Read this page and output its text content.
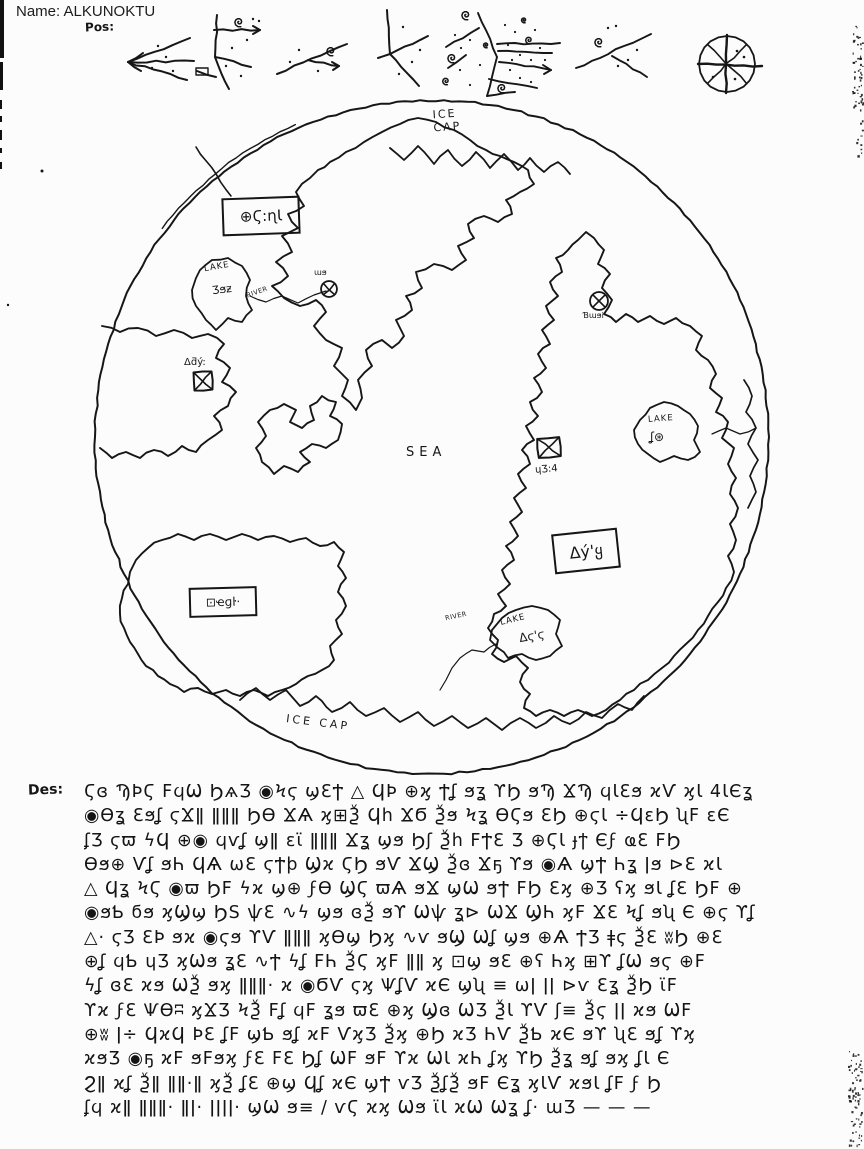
Name: ALKUNOKTU
Pos:
ICE CAP
SEA
ICE CAP
⊕Ϛ:ɳƖ
Δý'ყ
⊡ҽɡŀ·
LAKE
Ʒϧƶ
LAKE
ʆ⊛
LAKE
Δϛ'ϛ
ɯϧ
Δƌý:
Ɓɯϧi
ɥƷ:4
RIVER
RIVER
Des: Ϛɞ ϠϷϚ ϜϥѠ ϦѧƷ ◉Ϟϛ ϣԐϮ △ ϤϷ ⊕ϗ Ϯʆ ϧʓ ϒϦ ϧϠ ϪϠ ϥƖԐϧ ϰѴ ϗƖ 4ƖЄʓ
◉Ѳʓ Ԑϧʆ ϛϪǁ ǁǁǁ ϦѲ ϪѦ ϗ⊞Ѯ Ϥһ ϪϬ Ѯϧ Ϟʓ ѲϚϧ ԐϦ ⊕ϛƖ ÷ϤԑϦ ʯϜ ԑЄ
ʆƷ ϛϖ ϟϤ ⊕◉ ϥѵʆ ϣǁ ԑϊ ǁǁǁ Ϫʓ ϣϧ Ϧʃ Ѯһ ϜϮԐ Ʒ ⊕ϚƖ ɟϯ Єϝ ҩԐ ϜϦ
Ѳϧ⊕ Ѵʆ ϧҺ ϤѦ ѡԐ ϛϮϸ Ϣϰ ϚϦ ϧѴ ϪϢ Ѯɞ Ϫҕ ϒϧ ◉Ѧ ϣϮ Һʓ ǀϧ ⊳Ԑ ϰƖ
△ Ϥʓ ϞϚ ◉ϖ ϦϜ ϟϰ ϣ⊕ ϝѲ ϢϚ ϖѦ ϧϪ ϣѠ ϧϮ ϜϦ Ԑϗ ⊕Ʒ ʕϗ ϧƖ ʆԐ ϦϜ ⊕
◉ϧƄ ϭϧ ϗϢϣ ϦЅ ѱԐ ∿ϟ ϣϧ ɞѮ ϧϒ Ѡѱ ʓ⊳ ѠϪ ϢҺ ϗϜ ϪԐ Ϟʆ ϧʯ Є ⊕ϛ ϒʆ
△· ϛƷ ԐϷ ϧϰ ◉ϛϧ ϒѴ ǁǁǁ ϗѲϣ Ϧϗ ∿ѵ ϧϢ Ѡʆ ϣϧ ⊕Ѧ ϮƷ ǂϛ ѮԐ ʬϦ ⊕Ԑ
⊕ʆ ϥƄ ɥƷ ϗѠϧ ʓԐ ∿Ϯ ϟʆ ϜҺ ѮϚ ϗϜ ǁǁ ϗ ⊡ϣ ϧԐ ⊕ʕ Һϗ ⊞ϒ ʆѠ ϧϛ ⊕Ϝ
ϟʆ ɞԐ ϰϧ ѠѮ ϧϗ ǁǁǁ· ϰ ◉ϬѴ ϛϗ ѰʆѴ ϰЄ ϣʯ ≡ ѡǀ ǀǀ ⊳ѵ Ԑʓ ѮϦ ϊϜ
ϒϰ ϝԐ ѰѲʭ ϗϪƷ ϞѮ Ϝʆ ϥϜ ʓϧ ϖԐ ⊕ϗ Ϣɞ ѠƷ ѮƖ ϒѴ ʃ≡ Ѯϛ ǀǀ ϰϧ ѠϜ
⊕ʬ ǀ÷ ϤϰϤ ϷԐ ʆϜ ϣƄ ϧʆ ϰϜ ѴϗƷ Ѯϗ ⊕Ϧ ϰƷ ҺѴ ѮƄ ϰЄ ϧϒ ʯԐ ϧʆ ϒϗ
ϰϧƷ ◉ҕ ϰϜ ϧϜϧϗ ϝԐ ϜԐ Ϧʆ ѠϜ ϧϜ ϒϰ ѠƖ ϰҺ ʆϗ ϒϦ Ѯʓ ϧʆ ϧϗ ʆƖ Є
Ϩǁ ϰʆ Ѯǁ ǁǁ·ǁ ϗѮ ʆԐ ⊕ϣ Ϥʆ ϰЄ ϣϮ ѵƷ ѮʆѮ ϧϜ Єʓ ϗƖѴ ϰϧƖ ʆϜ ϝ Ϧ
ʆϥ ϰǁ ǁǁǁ· ǁǀ· ǀǀǀǀ· ϣѠ ϧ≡ / ѵϚ ϰϗ Ѡϧ ϊƖ ϰѠ Ѡʓ ʆ· ɯƷ — — —
